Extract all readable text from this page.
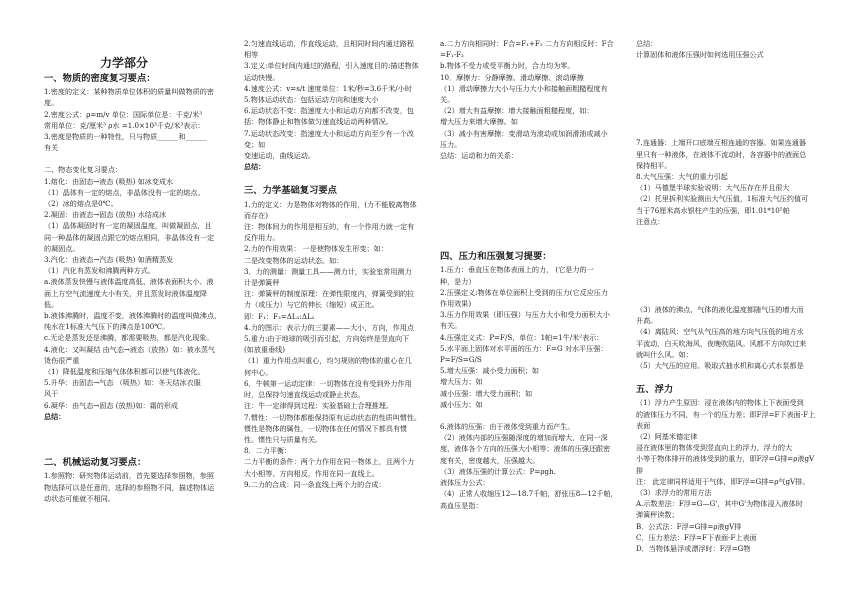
力学部分
一、物质的密度复习要点：
1.密度的定义：某种物质单位体积的质量叫做物质的密
度。
2.密度公式：ρ=m/v 单位：国际单位是：千克/米³
常用单位：克/厘米³ ρ水 =1.0×10³千克/米³表示：
3.密度是物质的一种特性，只与物质______和______
有关
二、物态变化复习要点：
1.熔化：由固态→液态 (吸热) 如冰变成水
（1）晶体有一定的熔点，非晶体没有一定的熔点。
（2）冰的熔点是0℃。
2.凝固：由液态→固态 (放热) 水结成冰
（1）晶体凝固时有一定的凝固温度，叫做凝固点，且
同一种晶体的凝固点跟它的熔点相同，非晶体没有一定
的凝固点。
3.汽化：由液态→汽态 (吸热) 如酒精蒸发
（1）汽化有蒸发和沸腾两种方式。
a.液体蒸发快慢与液体温度高低、液体表面积大小、液
面上方空气流速度大小有关，并且蒸发时液体温度降
低。
b.液体沸腾时，温度不变，液体沸腾时的温度叫做沸点，
纯水在1标准大气压下的沸点是100℃。
c.无论是蒸发还是沸腾，都需要吸热，都是汽化现象。
4.液化：又叫凝结 由气态→液态（放热）如：被水蒸气
烫伤很严重
（1）降低温度和压缩气体体积都可以使气体液化。
5.升华：由固态→气态 （吸热）如：冬天结冰衣服
风干
6.凝华：由气态→固态 (放热)如：霜的形成
总结：
二、机械运动复习要点：
1.参照物：研究物体运动前，首先要选择参照物，参照
物选择可以是任意的，选择的参照物不同，描述物体运
动状态可能就不相同。
2.匀速直线运动，作直线运动，且相同时间内通过路程
相等
3.定义:单位时间内通过的路程，引入速度目的:描述物体
运动快慢。
4.速度公式：v=s/t 速度单位：1米/秒=3.6千米/小时
5.物体运动状态：包括运动方向和速度大小
6.运动状态不变：指速度大小和运动方向都不改变，包
括：物体静止和物体做匀速直线运动两种情况。
7.运动状态改变：指速度大小和运动方向至少有一个改
变；如
变速运动，曲线运动。
总结：
三、力学基础复习要点
1.力的定义：力是物体对物体的作用，(力不能脱离物体
而存在)
注：物体间力的作用是相互的，有一个作用力就一定有
反作用力。
2.力的作用效果： 一是使物体发生形变；如：
二是改变物体的运动状态。如：
3．力的测量：测量工具——测力计，实验室常用测力
计是弹簧秤
注：弹簧秤的制度原理：在弹性限度内，弹簧受到的拉
力（或压力）与它的伸长（缩短）成正比。
即：F₁：F₂=ΔL₁:ΔL₂
4.力的图示：表示力的三要素——大小，方向，作用点
5.重力:由于地球的吸引而引起，方向始终是竖直向下
(如放重垂线)
（1）重力作用点叫重心，均匀规则的物体的重心在几
何中心。
6．牛顿第一运动定律：一切物体在没有受到外力作用
时，总保持匀速直线运动或静止状态。
注：牛一定律得到过程：实验基础上合理推理。
7.惯性：一切物体都能保持原有运动状态的性质叫惯性。
惯性是物体的属性，一切物体在任何情况下都具有惯
性。惯性只与质量有关。
8．二力平衡：
二力平衡的条件：两个力作用在同一物体上，且两个力
大小相等、方向相反，作用在同一直线上。
9.二力的合成：同一条直线上两个力的合成：
a.二力方向相同时：F合=F₁+F₂ 二力方向相反时：F合
=F₁-F₂
b.物体不受力或受平衡力时，合力均为零。
10．摩擦力：分静摩擦、滑动摩擦、滚动摩擦
（1）滑动摩擦力大小与压力大小和接触面粗糙程度有
关。
（2）增大有益摩擦：增大接触面粗糙程度，如：
增大压力来增大摩擦。如
（3）减小有害摩擦：变滑动为滚动或加润滑油或减小
压力。
总结：运动和力的关系：
四、压力和压强复习提要：
1.压力：垂直压在物体表面上的力， (它是力的一
种，是力）
2.压强定义:物体在单位面积上受到的压力(它反应压力
作用效果)
3.压力作用效果（即压强）与压力大小和受力面积大小
有关。
4.压强定义式：P=F/S，单位：1帕=1牛/米²表示：
5.水平面上固体对水平面的压力：F=G 对水平压强：
P=F/S=G/S
5.增大压强：减小受力面积；如
增大压力；如
减小压强：增大受力面积；如
减小压力；如
6.液体的压强：由于液体受到重力而产生。
（2）液体内部的压强随深度的增加而增大，在同一深
度，液体各个方向的压强大小相等；液体的压强还跟密
度有关，密度越大，压强越大。
（3）液体压强的计算公式：P=ρgh.
液体压力公式：
（4）正常人收缩压12—18.7千帕，舒张压8—12千帕，
高血压是指：
总结：
计算固体和液体压强时如何选用压强公式
7.连通器：上端开口底端互相连通的容器。如果连通器
里只有一种液体，在液体不流动时，各容器中的液面总
保持相平。
8.大气压强：大气的重力引起
（1）马德堡半球实验说明：大气压存在并且很大
（2）托里拆利实验测出大气压值，1标准大气压约值可
当于76厘米高水银柱产生的压强，即1.01*10⁵帕
注意点：
（3）液体的沸点、气体的液化温度都随气压的增大而
升高。
（4）离陆风：空气从气压高的地方向气压低的地方水
平流动，白天吹海风，夜晚吹陆风。风都不方向吹过来
就叫什么风。如：
（5）大气压的应用。吸取式抽水机和离心式水泵都是
五、浮力
（1）浮力产生原因：浸在液体内的物体上下表面受到
的液体压力不同，有一个的压力差；即F浮=F下表面-F上
表面
（2）阿基米德定律
浸在液体里的物体受到竖直向上的浮力，浮力的大
小等于物体排开的液体受到的重力，即F浮=G排=ρ液gV
排
注： 此定律同样适用于气体，即F浮=G排=ρ气gV排。
（3）求浮力的常用方法
A.示数差法：F浮=G—G'，其中G'为物体浸入液体时
弹簧秤读数；
B．公式法：F浮=G排=ρ液gV排
C．压力差法：F浮=F下表面-F上表面
D．当物体悬浮或漂浮时：F浮=G物
